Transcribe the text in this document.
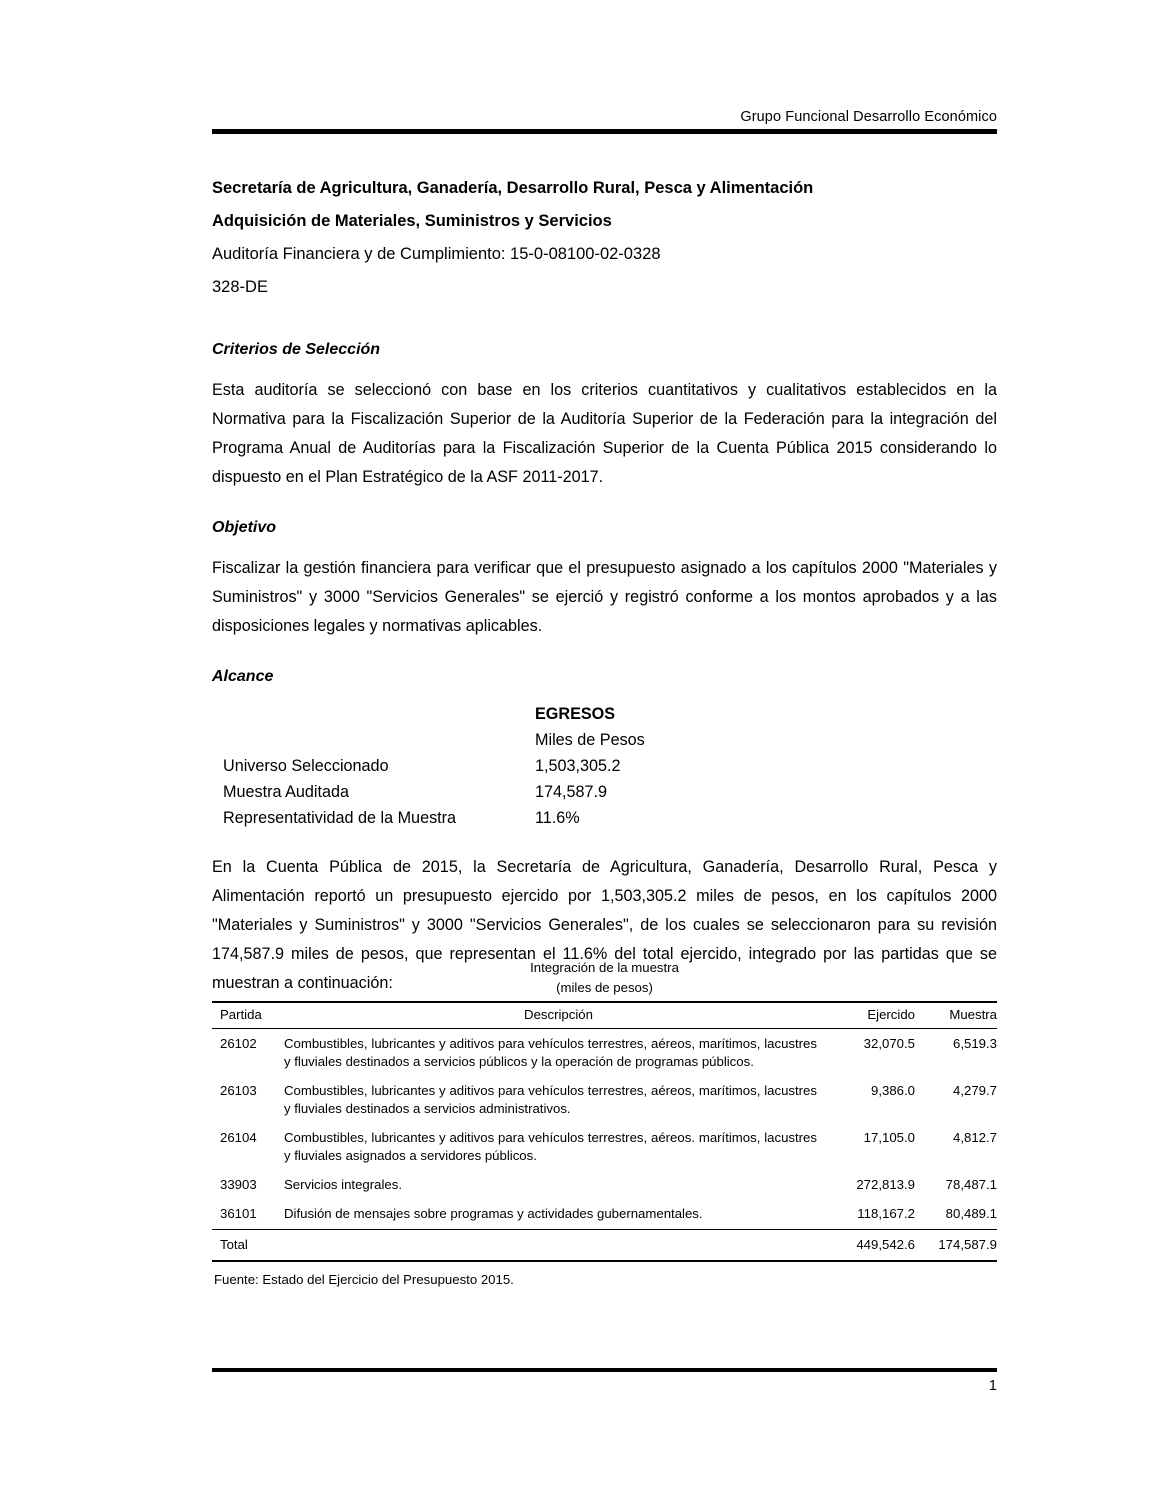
Grupo Funcional Desarrollo Económico
Secretaría de Agricultura, Ganadería, Desarrollo Rural, Pesca y Alimentación
Adquisición de Materiales, Suministros y Servicios
Auditoría Financiera y de Cumplimiento: 15-0-08100-02-0328
328-DE
Criterios de Selección

Esta auditoría se seleccionó con base en los criterios cuantitativos y cualitativos establecidos en la Normativa para la Fiscalización Superior de la Auditoría Superior de la Federación para la integración del Programa Anual de Auditorías para la Fiscalización Superior de la Cuenta Pública 2015 considerando lo dispuesto en el Plan Estratégico de la ASF 2011-2017.

Objetivo

Fiscalizar la gestión financiera para verificar que el presupuesto asignado a los capítulos 2000 "Materiales y Suministros" y 3000 "Servicios Generales" se ejerció y registró conforme a los montos aprobados y a las disposiciones legales y normativas aplicables.

Alcance
	EGRESOS
	Miles de Pesos
Universo Seleccionado	1,503,305.2
Muestra Auditada	174,587.9
Representatividad de la Muestra	11.6%

En la Cuenta Pública de 2015, la Secretaría de Agricultura, Ganadería, Desarrollo Rural, Pesca y Alimentación reportó un presupuesto ejercido por 1,503,305.2 miles de pesos, en los capítulos 2000 "Materiales y Suministros" y 3000 "Servicios Generales", de los cuales se seleccionaron para su revisión 174,587.9 miles de pesos, que representan el 11.6% del total ejercido, integrado por las partidas que se muestran a continuación:

Integración de la muestra
(miles de pesos)
Partida	Descripción	Ejercido	Muestra
26102	Combustibles, lubricantes y aditivos para vehículos terrestres, aéreos, marítimos, lacustres y fluviales destinados a servicios públicos y la operación de programas públicos.	32,070.5	6,519.3
26103	Combustibles, lubricantes y aditivos para vehículos terrestres, aéreos, marítimos, lacustres y fluviales destinados a servicios administrativos.	9,386.0	4,279.7
26104	Combustibles, lubricantes y aditivos para vehículos terrestres, aéreos. marítimos, lacustres y fluviales asignados a servidores públicos.	17,105.0	4,812.7
33903	Servicios integrales.	272,813.9	78,487.1
36101	Difusión de mensajes sobre programas y actividades gubernamentales.	118,167.2	80,489.1
Total		449,542.6	174,587.9
Fuente: Estado del Ejercicio del Presupuesto 2015.
1
